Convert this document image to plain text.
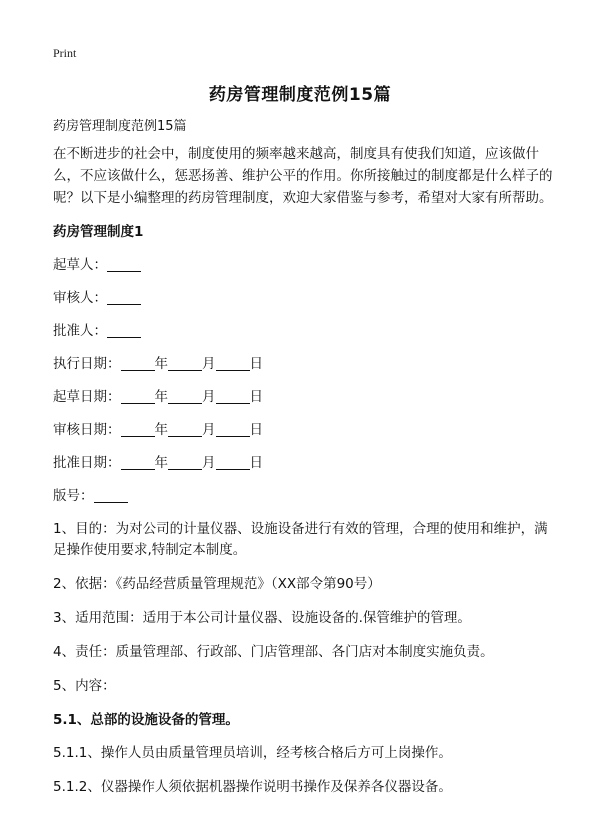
Print
药房管理制度范例15篇

药房管理制度范例15篇

在不断进步的社会中，制度使用的频率越来越高，制度具有使我们知道，应该做什么，不应该做什么，惩恶扬善、维护公平的作用。你所接触过的制度都是什么样子的呢？以下是小编整理的药房管理制度，欢迎大家借鉴与参考，希望对大家有所帮助。

药房管理制度1

起草人：

审核人：

批准人：

执行日期：	年	月	日

起草日期：	年	月	日

审核日期：	年	月	日

批准日期：	年	月	日

版号：

1、目的：为对公司的计量仪器、设施设备进行有效的管理，合理的使用和维护，满足操作使用要求,特制定本制度。

2、依据：《药品经营质量管理规范》（XX部令第90号）

3、适用范围：适用于本公司计量仪器、设施设备的.保管维护的管理。

4、责任：质量管理部、行政部、门店管理部、各门店对本制度实施负责。

5、内容：

5.1、总部的设施设备的管理。

5.1.1、操作人员由质量管理员培训，经考核合格后方可上岗操作。

5.1.2、仪器操作人须依据机器操作说明书操作及保养各仪器设备。
